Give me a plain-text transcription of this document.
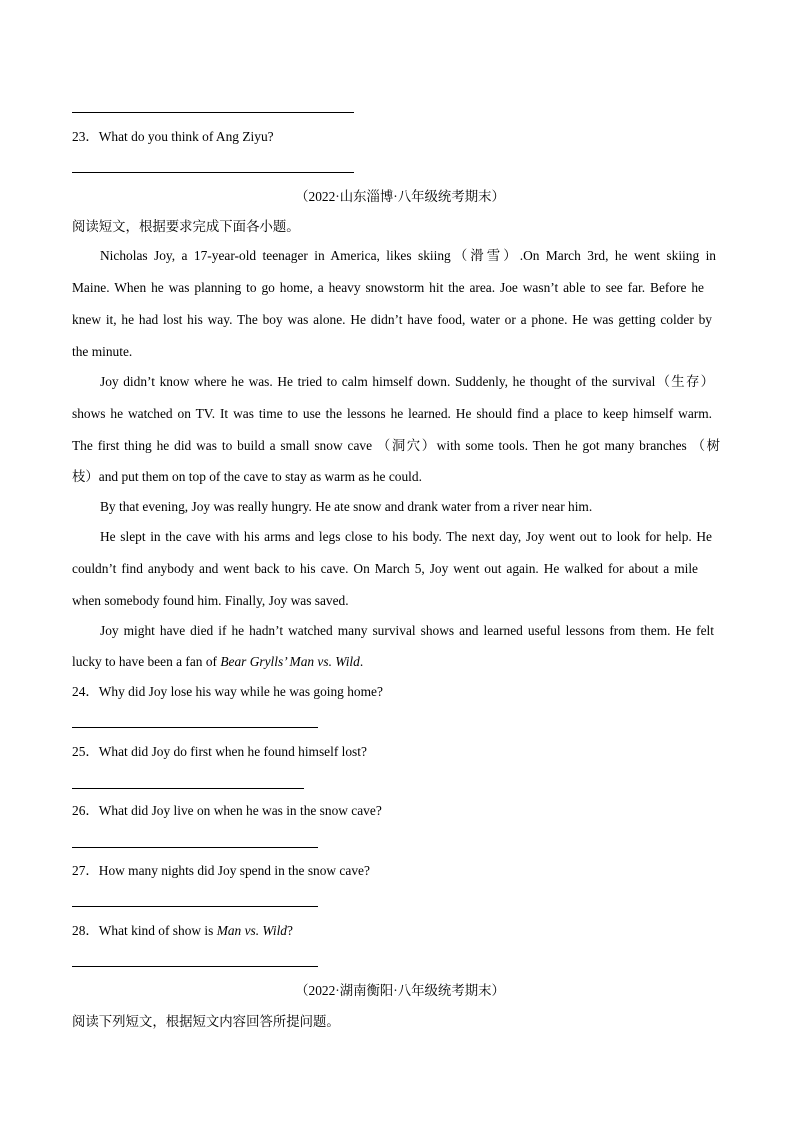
23．What do you think of Ang Ziyu?
（2022·山东淄博·八年级统考期末）
阅读短文，根据要求完成下面各小题。
Nicholas Joy, a 17-year-old teenager in America, likes skiing（滑雪）.On March 3rd, he went skiing in
Maine. When he was planning to go home, a heavy snowstorm hit the area. Joe wasn’t able to see far. Before he
knew it, he had lost his way. The boy was alone. He didn’t have food, water or a phone. He was getting colder by
the minute.
Joy didn’t know where he was. He tried to calm himself down. Suddenly, he thought of the survival（生存）
shows he watched on TV. It was time to use the lessons he learned. He should find a place to keep himself warm.
The first thing he did was to build a small snow cave （洞穴）with some tools. Then he got many branches （树
枝）and put them on top of the cave to stay as warm as he could.
By that evening, Joy was really hungry. He ate snow and drank water from a river near him.
He slept in the cave with his arms and legs close to his body. The next day, Joy went out to look for help. He
couldn’t find anybody and went back to his cave. On March 5, Joy went out again. He walked for about a mile
when somebody found him. Finally, Joy was saved.
Joy might have died if he hadn’t watched many survival shows and learned useful lessons from them. He felt
lucky to have been a fan of Bear Grylls’ Man vs. Wild.
24．Why did Joy lose his way while he was going home?
25．What did Joy do first when he found himself lost?
26．What did Joy live on when he was in the snow cave?
27．How many nights did Joy spend in the snow cave?
28．What kind of show is Man vs. Wild?
（2022·湖南衡阳·八年级统考期末）
阅读下列短文，根据短文内容回答所提问题。
